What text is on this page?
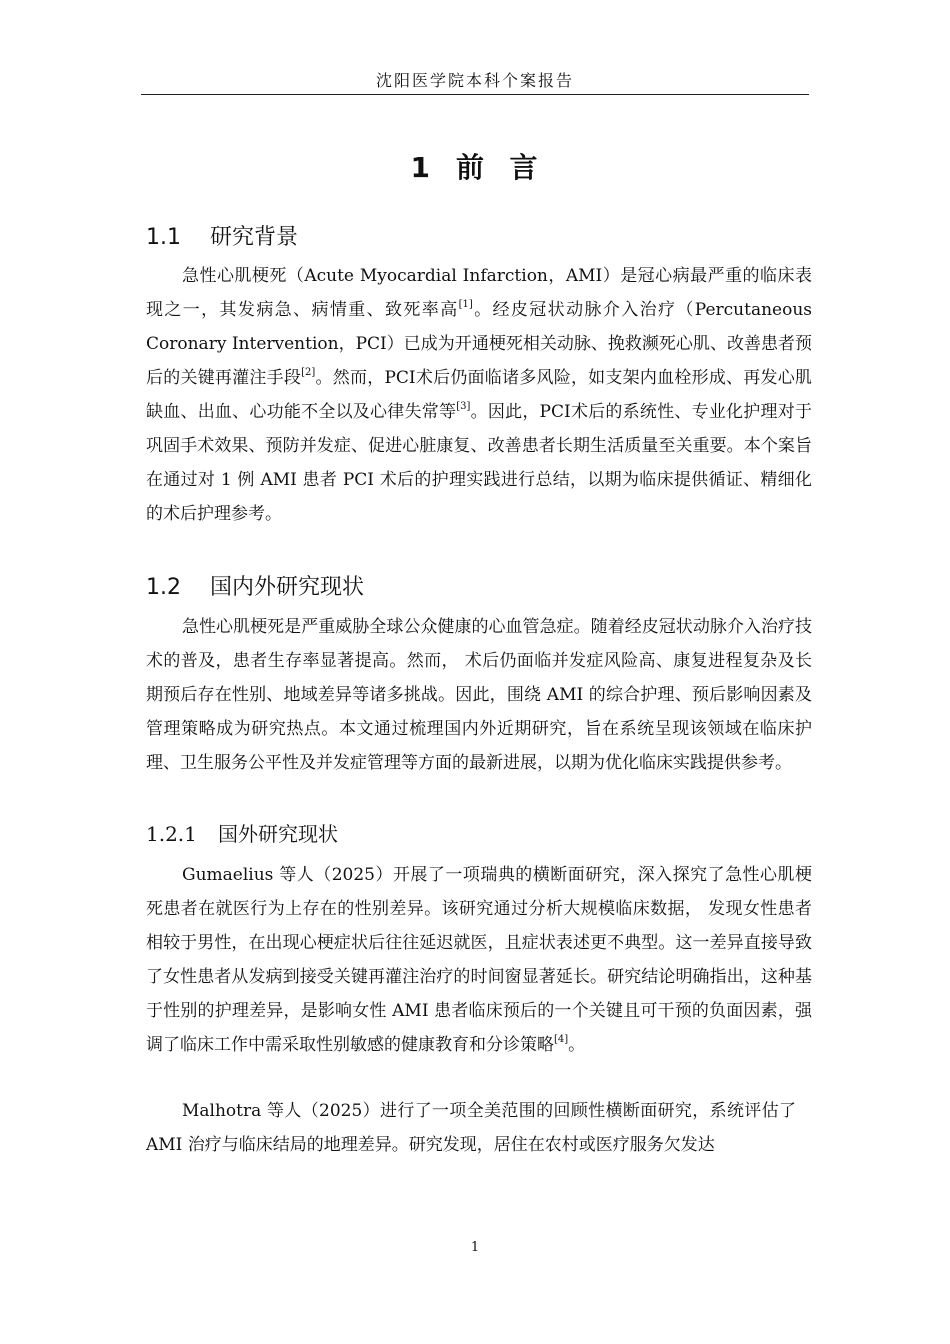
沈阳医学院本科个案报告
1 前  言
1.1 研究背景

急性心肌梗死（Acute Myocardial Infarction，AMI）是冠心病最严重的临床表现之一，其发病急、病情重、致死率高[1]。经皮冠状动脉介入治疗（Percutaneous Coronary Intervention，PCI）已成为开通梗死相关动脉、挽救濒死心肌、改善患者预后的关键再灌注手段[2]。然而，PCI术后仍面临诸多风险，如支架内血栓形成、再发心肌缺血、出血、心功能不全以及心律失常等[3]。因此，PCI术后的系统性、专业化护理对于巩固手术效果、预防并发症、促进心脏康复、改善患者长期生活质量至关重要。本个案旨在通过对 1 例 AMI 患者 PCI 术后的护理实践进行总结，以期为临床提供循证、精细化的术后护理参考。

1.2 国内外研究现状

急性心肌梗死是严重威胁全球公众健康的心血管急症。随着经皮冠状动脉介入治疗技术的普及，患者生存率显著提高。然而， 术后仍面临并发症风险高、康复进程复杂及长期预后存在性别、地域差异等诸多挑战。因此，围绕 AMI 的综合护理、预后影响因素及管理策略成为研究热点。本文通过梳理国内外近期研究，旨在系统呈现该领域在临床护理、卫生服务公平性及并发症管理等方面的最新进展，以期为优化临床实践提供参考。

1.2.1 国外研究现状

Gumaelius 等人（2025）开展了一项瑞典的横断面研究，深入探究了急性心肌梗死患者在就医行为上存在的性别差异。该研究通过分析大规模临床数据， 发现女性患者相较于男性，在出现心梗症状后往往延迟就医，且症状表述更不典型。这一差异直接导致了女性患者从发病到接受关键再灌注治疗的时间窗显著延长。研究结论明确指出，这种基于性别的护理差异，是影响女性 AMI 患者临床预后的一个关键且可干预的负面因素，强调了临床工作中需采取性别敏感的健康教育和分诊策略[4]。

Malhotra 等人（2025）进行了一项全美范围的回顾性横断面研究，系统评估了 AMI 治疗与临床结局的地理差异。研究发现，居住在农村或医疗服务欠发达

1
